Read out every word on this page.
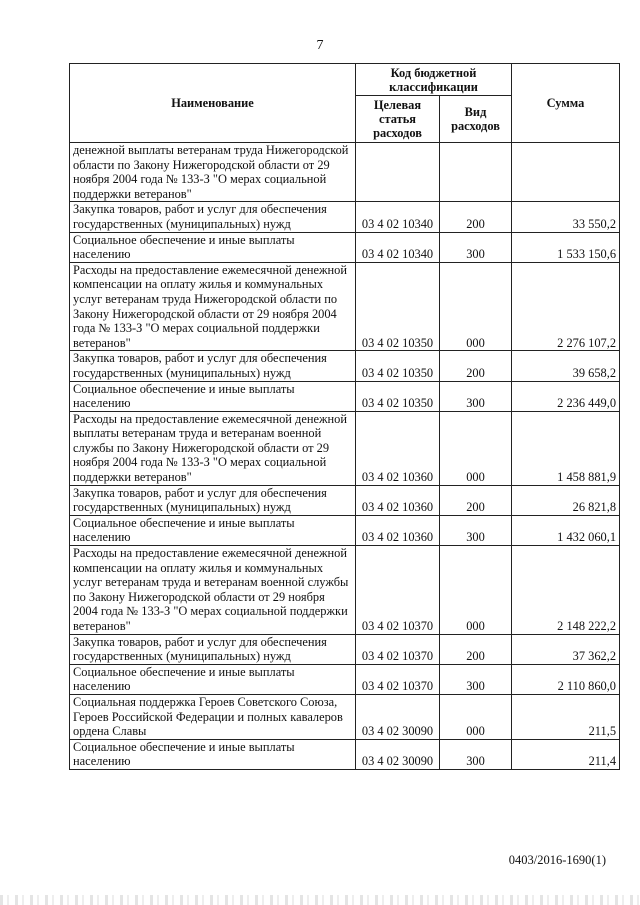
7
Наименование	Код бюджетной классификации		Сумма
	Целевая статья расходов	Вид расходов	
денежной выплаты ветеранам труда Нижегородской области по Закону Нижегородской области от 29 ноября 2004 года № 133-З "О мерах социальной поддержки ветеранов"			
Закупка товаров, работ и услуг для обеспечения государственных (муниципальных) нужд	03 4 02 10340	200	33 550,2
Социальное обеспечение и иные выплаты населению	03 4 02 10340	300	1 533 150,6
Расходы на предоставление ежемесячной денежной компенсации на оплату жилья и коммунальных услуг ветеранам труда Нижегородской области по Закону Нижегородской области от 29 ноября 2004 года № 133-З "О мерах социальной поддержки ветеранов"	03 4 02 10350	000	2 276 107,2
Закупка товаров, работ и услуг для обеспечения государственных (муниципальных) нужд	03 4 02 10350	200	39 658,2
Социальное обеспечение и иные выплаты населению	03 4 02 10350	300	2 236 449,0
Расходы на предоставление ежемесячной денежной выплаты ветеранам труда и ветеранам военной службы по Закону Нижегородской области от 29 ноября 2004 года № 133-З "О мерах социальной поддержки ветеранов"	03 4 02 10360	000	1 458 881,9
Закупка товаров, работ и услуг для обеспечения государственных (муниципальных) нужд	03 4 02 10360	200	26 821,8
Социальное обеспечение и иные выплаты населению	03 4 02 10360	300	1 432 060,1
Расходы на предоставление ежемесячной денежной компенсации на оплату жилья и коммунальных услуг ветеранам труда и ветеранам военной службы по Закону Нижегородской области от 29 ноября 2004 года № 133-З "О мерах социальной поддержки ветеранов"	03 4 02 10370	000	2 148 222,2
Закупка товаров, работ и услуг для обеспечения государственных (муниципальных) нужд	03 4 02 10370	200	37 362,2
Социальное обеспечение и иные выплаты населению	03 4 02 10370	300	2 110 860,0
Социальная поддержка Героев Советского Союза, Героев Российской Федерации и полных кавалеров ордена Славы	03 4 02 30090	000	211,5
Социальное обеспечение и иные выплаты населению	03 4 02 30090	300	211,4
0403/2016-1690(1)
